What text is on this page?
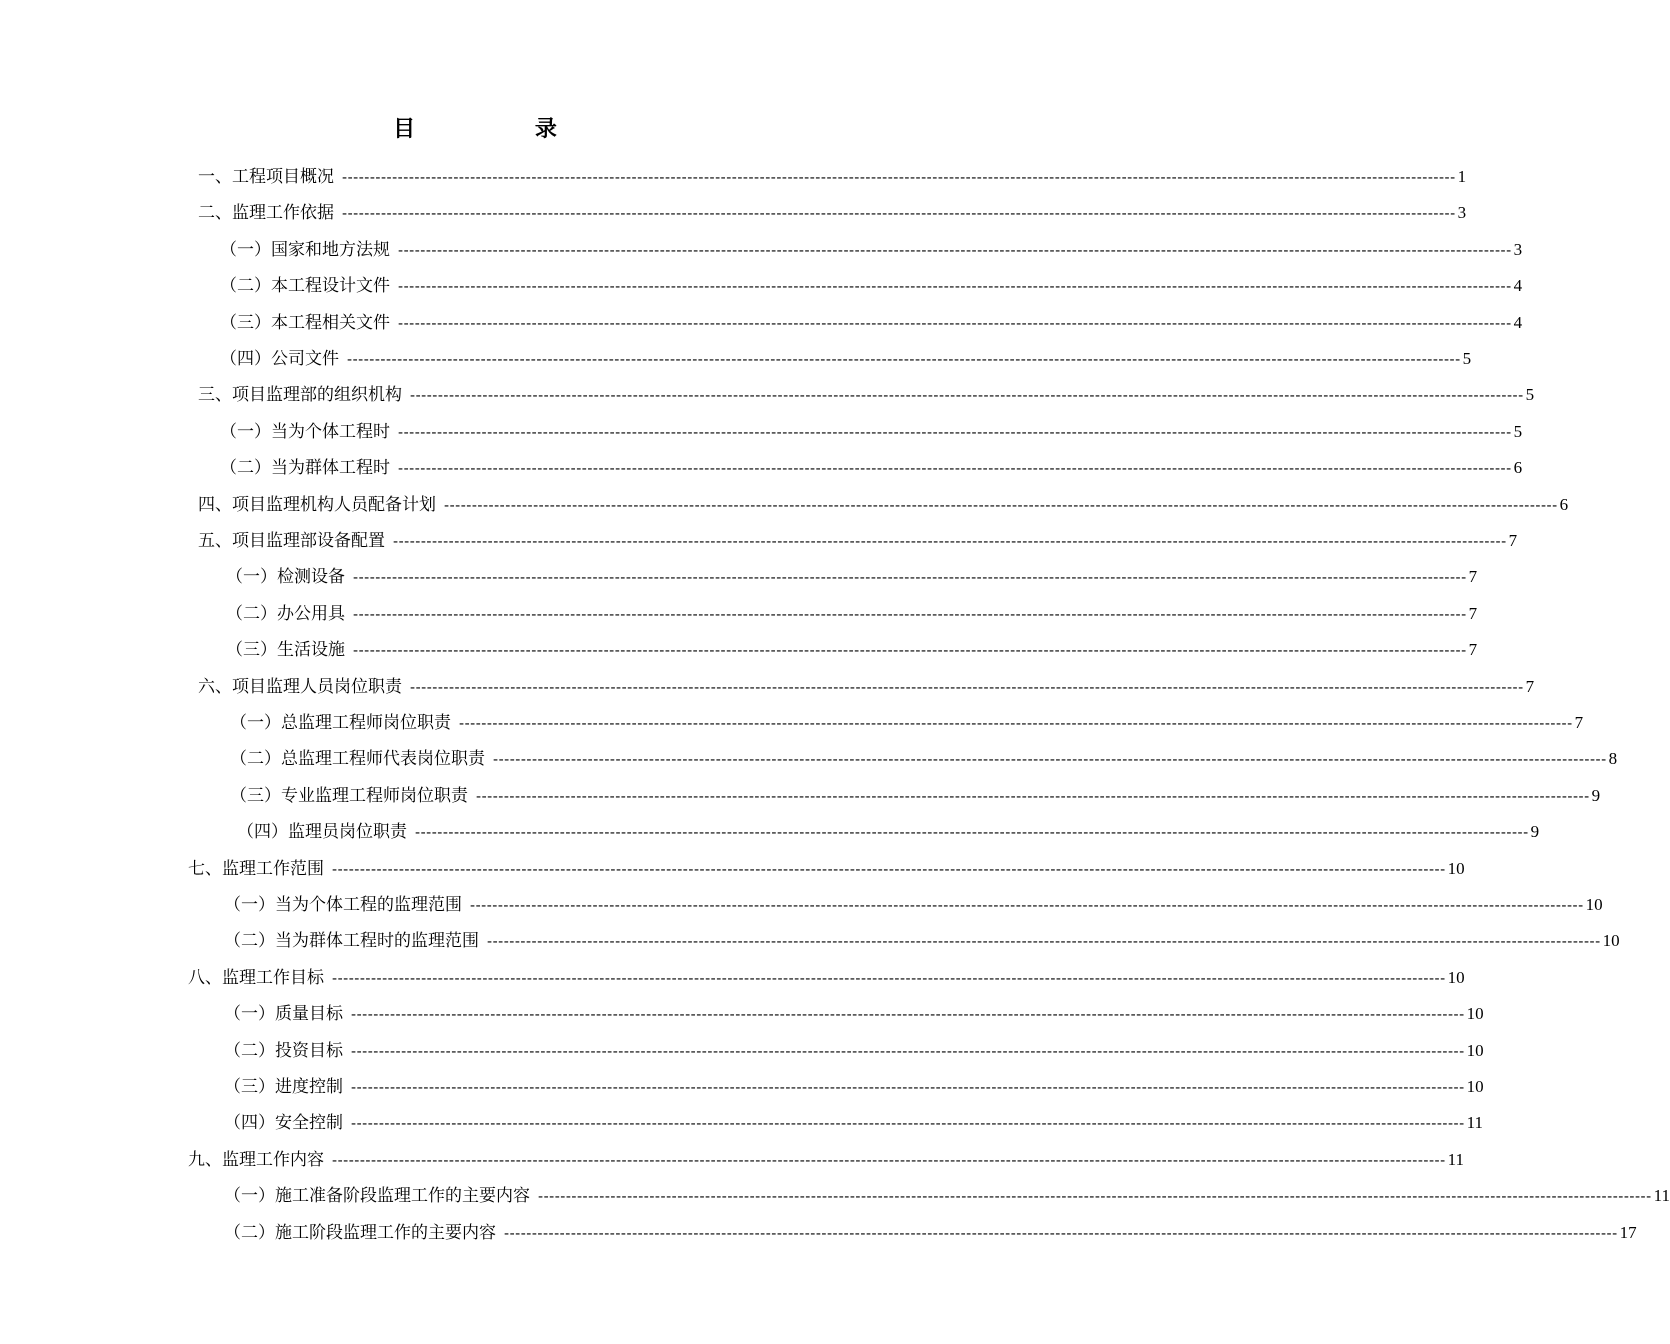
目 录
一、工程项目概况 -------------------------------------------------------------------------------------------------------------------------------------------------------------------------------------------------------- 1
二、监理工作依据 -------------------------------------------------------------------------------------------------------------------------------------------------------------------------------------------------------- 3
（一）国家和地方法规 -------------------------------------------------------------------------------------------------------------------------------------------------------------------------------------------------------- 3
（二）本工程设计文件 -------------------------------------------------------------------------------------------------------------------------------------------------------------------------------------------------------- 4
（三）本工程相关文件 -------------------------------------------------------------------------------------------------------------------------------------------------------------------------------------------------------- 4
（四）公司文件 -------------------------------------------------------------------------------------------------------------------------------------------------------------------------------------------------------- 5
三、项目监理部的组织机构 -------------------------------------------------------------------------------------------------------------------------------------------------------------------------------------------------------- 5
（一）当为个体工程时 -------------------------------------------------------------------------------------------------------------------------------------------------------------------------------------------------------- 5
（二）当为群体工程时 -------------------------------------------------------------------------------------------------------------------------------------------------------------------------------------------------------- 6
四、项目监理机构人员配备计划 -------------------------------------------------------------------------------------------------------------------------------------------------------------------------------------------------------- 6
五、项目监理部设备配置 -------------------------------------------------------------------------------------------------------------------------------------------------------------------------------------------------------- 7
（一）检测设备 -------------------------------------------------------------------------------------------------------------------------------------------------------------------------------------------------------- 7
（二）办公用具 -------------------------------------------------------------------------------------------------------------------------------------------------------------------------------------------------------- 7
（三）生活设施 -------------------------------------------------------------------------------------------------------------------------------------------------------------------------------------------------------- 7
六、项目监理人员岗位职责 -------------------------------------------------------------------------------------------------------------------------------------------------------------------------------------------------------- 7
（一）总监理工程师岗位职责 -------------------------------------------------------------------------------------------------------------------------------------------------------------------------------------------------------- 7
（二）总监理工程师代表岗位职责 -------------------------------------------------------------------------------------------------------------------------------------------------------------------------------------------------------- 8
（三）专业监理工程师岗位职责 -------------------------------------------------------------------------------------------------------------------------------------------------------------------------------------------------------- 9
（四）监理员岗位职责 -------------------------------------------------------------------------------------------------------------------------------------------------------------------------------------------------------- 9
七、监理工作范围 -------------------------------------------------------------------------------------------------------------------------------------------------------------------------------------------------------- 10
（一）当为个体工程的监理范围 -------------------------------------------------------------------------------------------------------------------------------------------------------------------------------------------------------- 10
（二）当为群体工程时的监理范围 -------------------------------------------------------------------------------------------------------------------------------------------------------------------------------------------------------- 10
八、监理工作目标 -------------------------------------------------------------------------------------------------------------------------------------------------------------------------------------------------------- 10
（一）质量目标 -------------------------------------------------------------------------------------------------------------------------------------------------------------------------------------------------------- 10
（二）投资目标 -------------------------------------------------------------------------------------------------------------------------------------------------------------------------------------------------------- 10
（三）进度控制 -------------------------------------------------------------------------------------------------------------------------------------------------------------------------------------------------------- 10
（四）安全控制 -------------------------------------------------------------------------------------------------------------------------------------------------------------------------------------------------------- 11
九、监理工作内容 -------------------------------------------------------------------------------------------------------------------------------------------------------------------------------------------------------- 11
（一）施工准备阶段监理工作的主要内容 -------------------------------------------------------------------------------------------------------------------------------------------------------------------------------------------------------- 11
（二）施工阶段监理工作的主要内容 -------------------------------------------------------------------------------------------------------------------------------------------------------------------------------------------------------- 17
